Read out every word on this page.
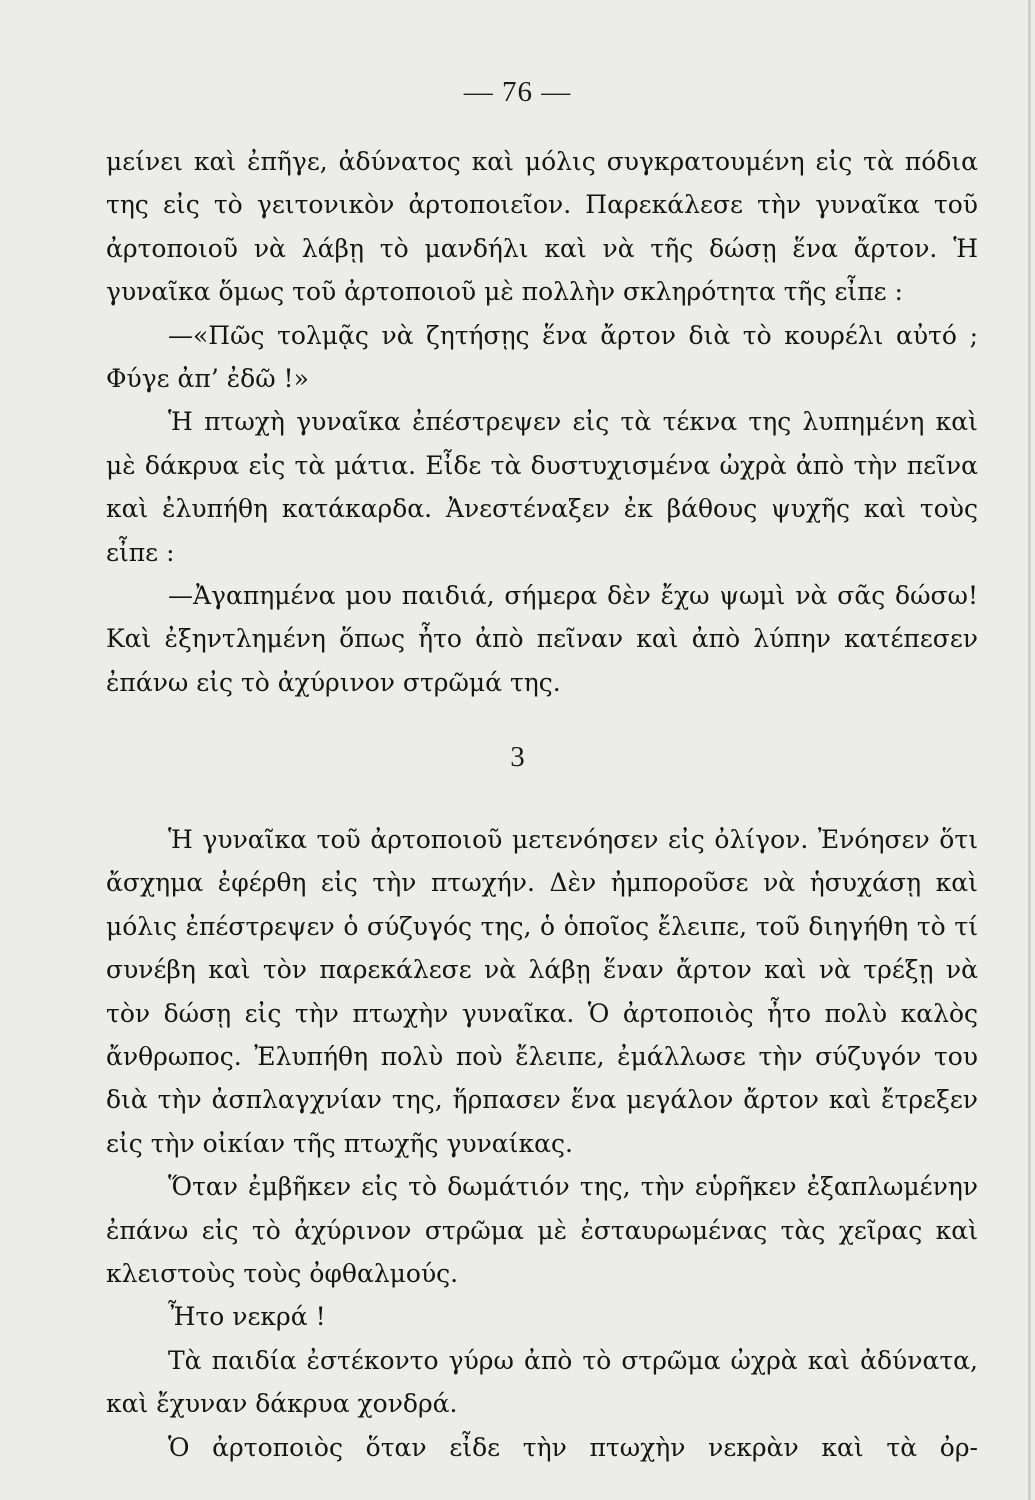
— 76 —

μείνει καὶ ἐπῆγε, ἀδύνατος καὶ μόλις συγκρατουμένη εἰς τὰ πόδια της εἰς τὸ γειτονικὸν ἀρτοποιεῖον. Παρεκάλεσε τὴν γυναῖκα τοῦ ἀρτοποιοῦ νὰ λάβῃ τὸ μανδήλι καὶ νὰ τῆς δώσῃ ἕνα ἄρτον. Ἡ γυναῖκα ὅμως τοῦ ἀρτοποιοῦ μὲ πολλὴν σκληρότητα τῆς εἶπε :

—«Πῶς τολμᾷς νὰ ζητήσῃς ἕνα ἄρτον διὰ τὸ κουρέλι αὐτό ; Φύγε ἀπ’ ἐδῶ !»

Ἡ πτωχὴ γυναῖκα ἐπέστρεψεν εἰς τὰ τέκνα της λυπημένη καὶ μὲ δάκρυα εἰς τὰ μάτια. Εἶδε τὰ δυστυχισμένα ὠχρὰ ἀπὸ τὴν πεῖνα καὶ ἐλυπήθη κατάκαρδα. Ἀνεστέναξεν ἐκ βάθους ψυχῆς καὶ τοὺς εἶπε :

—Ἀγαπημένα μου παιδιά, σήμερα δὲν ἔχω ψωμὶ νὰ σᾶς δώσω! Καὶ ἐξηντλημένη ὅπως ἦτο ἀπὸ πεῖναν καὶ ἀπὸ λύπην κατέπεσεν ἐπάνω εἰς τὸ ἀχύρινον στρῶμά της.

3

Ἡ γυναῖκα τοῦ ἀρτοποιοῦ μετενόησεν εἰς ὀλίγον. Ἐνόησεν ὅτι ἄσχημα ἐφέρθη εἰς τὴν πτωχήν. Δὲν ἠμποροῦσε νὰ ἡσυχάσῃ καὶ μόλις ἐπέστρεψεν ὁ σύζυγός της, ὁ ὁποῖος ἔλειπε, τοῦ διηγήθη τὸ τί συνέβη καὶ τὸν παρεκάλεσε νὰ λάβῃ ἕναν ἄρτον καὶ νὰ τρέξῃ νὰ τὸν δώσῃ εἰς τὴν πτωχὴν γυναῖκα. Ὁ ἀρτοποιὸς ἦτο πολὺ καλὸς ἄνθρωπος. Ἐλυπήθη πολὺ ποὺ ἔλειπε, ἐμάλλωσε τὴν σύζυγόν του διὰ τὴν ἀσπλαγχνίαν της, ἥρπασεν ἕνα μεγάλον ἄρτον καὶ ἔτρεξεν εἰς τὴν οἰκίαν τῆς πτωχῆς γυναίκας.

Ὅταν ἐμβῆκεν εἰς τὸ δωμάτιόν της, τὴν εὑρῆκεν ἐξαπλωμένην ἐπάνω εἰς τὸ ἀχύρινον στρῶμα μὲ ἐσταυρωμένας τὰς χεῖρας καὶ κλειστοὺς τοὺς ὀφθαλμούς.

Ἦτο νεκρά !

Τὰ παιδία ἐστέκοντο γύρω ἀπὸ τὸ στρῶμα ὠχρὰ καὶ ἀδύνατα, καὶ ἔχυναν δάκρυα χονδρά.

Ὁ ἀρτοποιὸς ὅταν εἶδε τὴν πτωχὴν νεκρὰν καὶ τὰ ὀρ-
